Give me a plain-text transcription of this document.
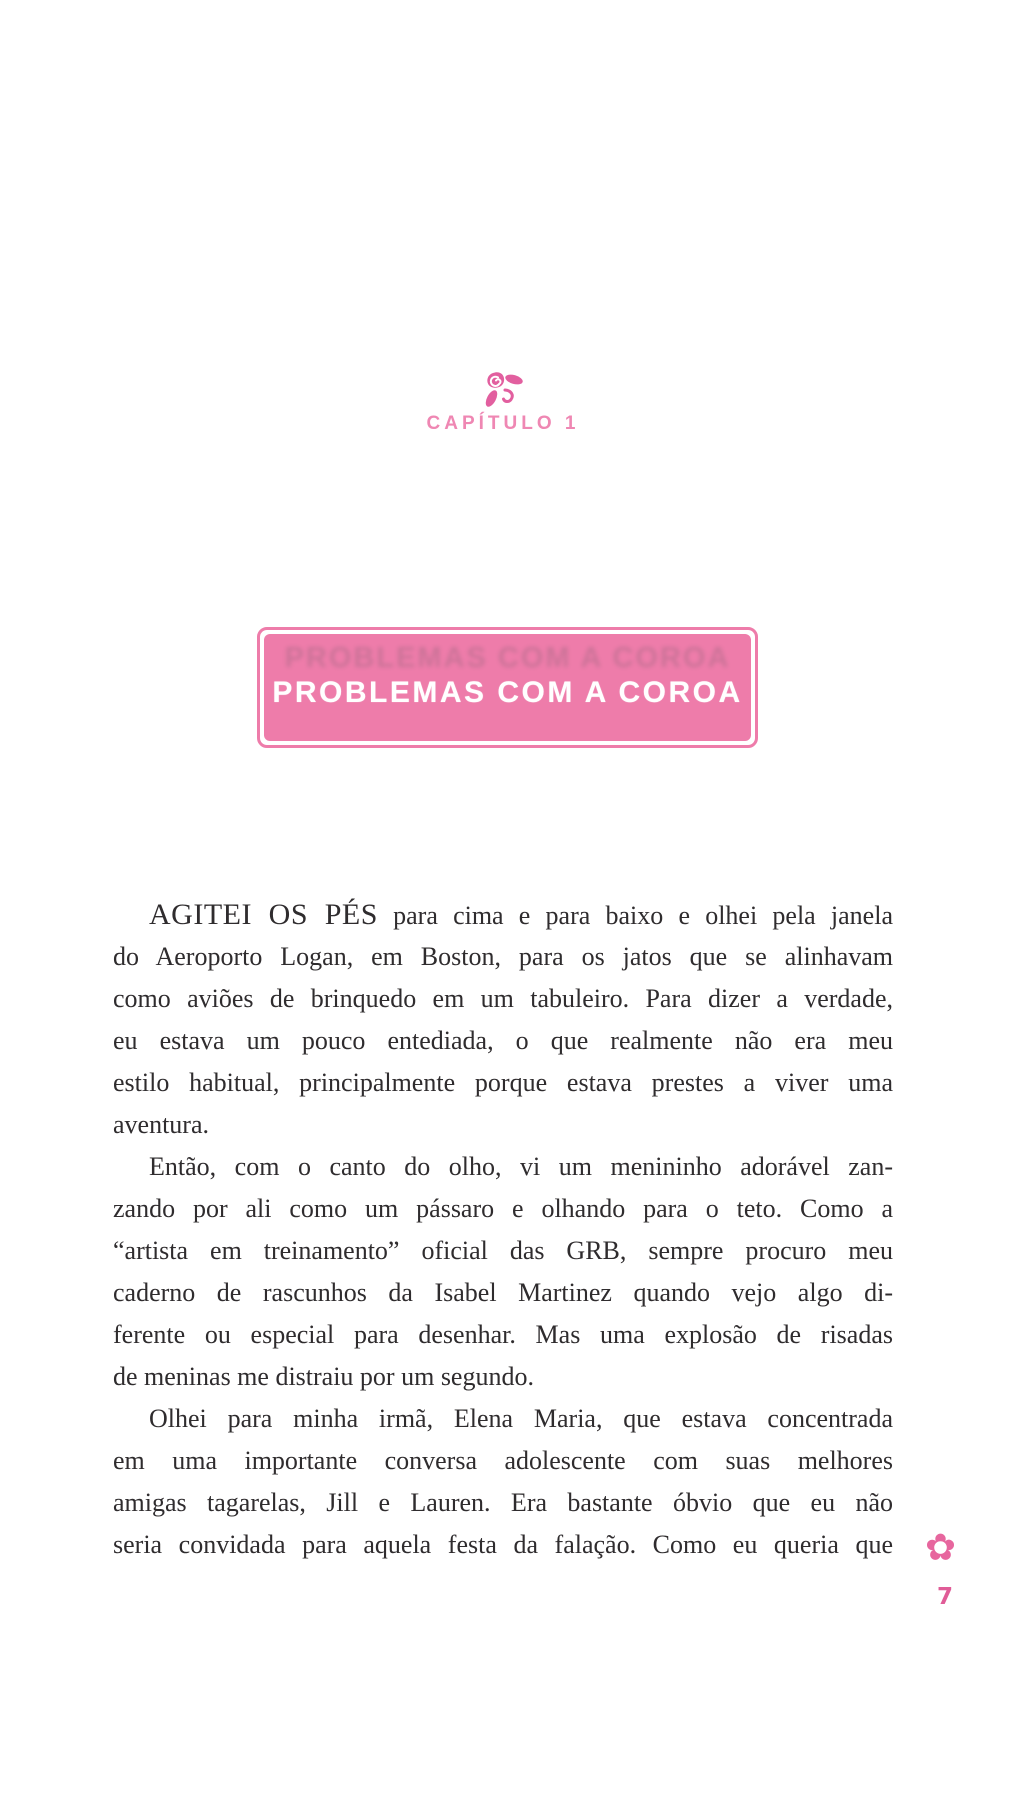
CAPÍTULO 1
PROBLEMAS COM A COROA
PROBLEMAS COM A COROA
AGITEI OS PÉS para cima e para baixo e olhei pela janela
do Aeroporto Logan, em Boston, para os jatos que se alinhavam
como aviões de brinquedo em um tabuleiro. Para dizer a verdade,
eu estava um pouco entediada, o que realmente não era meu
estilo habitual, principalmente porque estava prestes a viver uma
aventura.
Então, com o canto do olho, vi um menininho adorável zan-
zando por ali como um pássaro e olhando para o teto. Como a
“artista em treinamento” oficial das GRB, sempre procuro meu
caderno de rascunhos da Isabel Martinez quando vejo algo di-
ferente ou especial para desenhar. Mas uma explosão de risadas
de meninas me distraiu por um segundo.
Olhei para minha irmã, Elena Maria, que estava concentrada
em uma importante conversa adolescente com suas melhores
amigas tagarelas, Jill e Lauren. Era bastante óbvio que eu não
seria convidada para aquela festa da falação. Como eu queria que ✿
7
